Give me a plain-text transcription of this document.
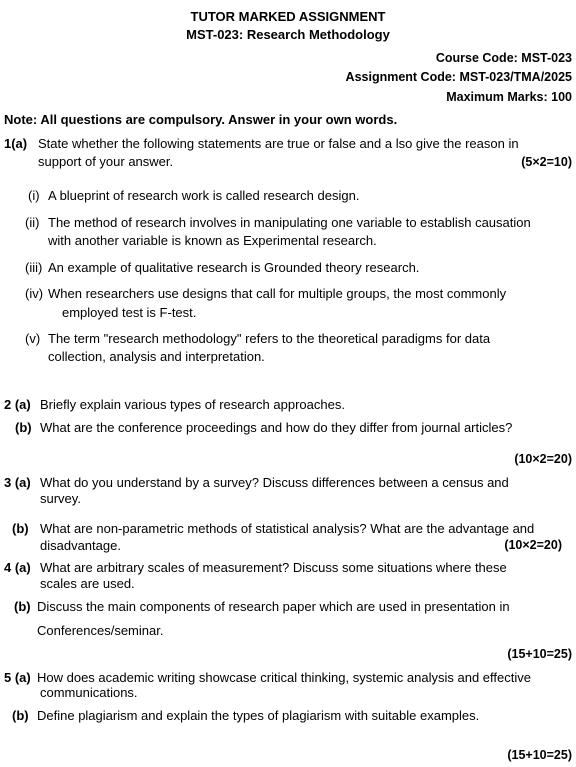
TUTOR MARKED ASSIGNMENT
MST-023: Research Methodology
Course Code: MST-023
Assignment Code: MST-023/TMA/2025
Maximum Marks: 100
Note: All questions are compulsory. Answer in your own words.
1(a) State whether the following statements are true or false and a lso give the reason in
support of your answer.	(5×2=10)
(i) A blueprint of research work is called research design.
(ii) The method of research involves in manipulating one variable to establish causation
with another variable is known as Experimental research.
(iii) An example of qualitative research is Grounded theory research.
(iv) When researchers use designs that call for multiple groups, the most commonly
employed test is F-test.
(v) The term "research methodology" refers to the theoretical paradigms for data
collection, analysis and interpretation.
2 (a) Briefly explain various types of research approaches.
(b) What are the conference proceedings and how do they differ from journal articles?
(10×2=20)
3 (a) What do you understand by a survey? Discuss differences between a census and
survey.
(b) What are non-parametric methods of statistical analysis? What are the advantage and
disadvantage.	(10×2=20)
4 (a) What are arbitrary scales of measurement? Discuss some situations where these
scales are used.
(b) Discuss the main components of research paper which are used in presentation in
Conferences/seminar.
(15+10=25)
5 (a) How does academic writing showcase critical thinking, systemic analysis and effective
communications.
(b) Define plagiarism and explain the types of plagiarism with suitable examples.
(15+10=25)
